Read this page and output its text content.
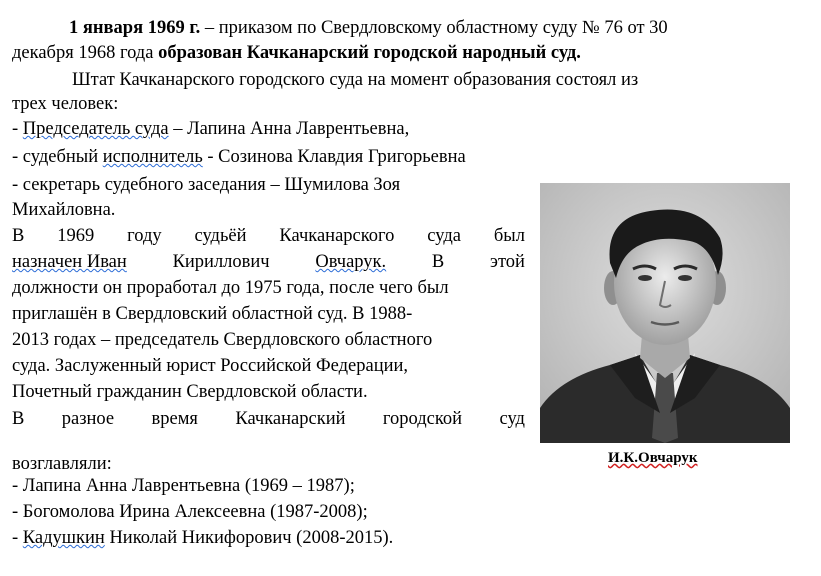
1 января 1969 г. – приказом по Свердловскому областному суду № 76 от 30
декабря 1968 года образован Качканарский городской народный суд.
Штат Качканарского городского суда на момент образования состоял из
трех человек:
- Председатель суда – Лапина Анна Лаврентьевна,
- судебный исполнитель - Созинова Клавдия Григорьевна
- секретарь судебного заседания – Шумилова Зоя
Михайловна.
В 1969 году судьёй Качканарского суда был
назначен Иван Кириллович Овчарук. В этой
должности он проработал до 1975 года, после чего был
приглашён в Свердловский областной суд. В 1988-
2013 годах – председатель Свердловского областного
суда. Заслуженный юрист Российской Федерации,
Почетный гражданин Свердловской области.
В разное время Качканарский городской суд
возглавляли:
- Лапина Анна Лаврентьевна (1969 – 1987);
- Богомолова Ирина Алексеевна (1987-2008);
- Кадушкин Николай Никифорович (2008-2015).
И.К.Овчарук
